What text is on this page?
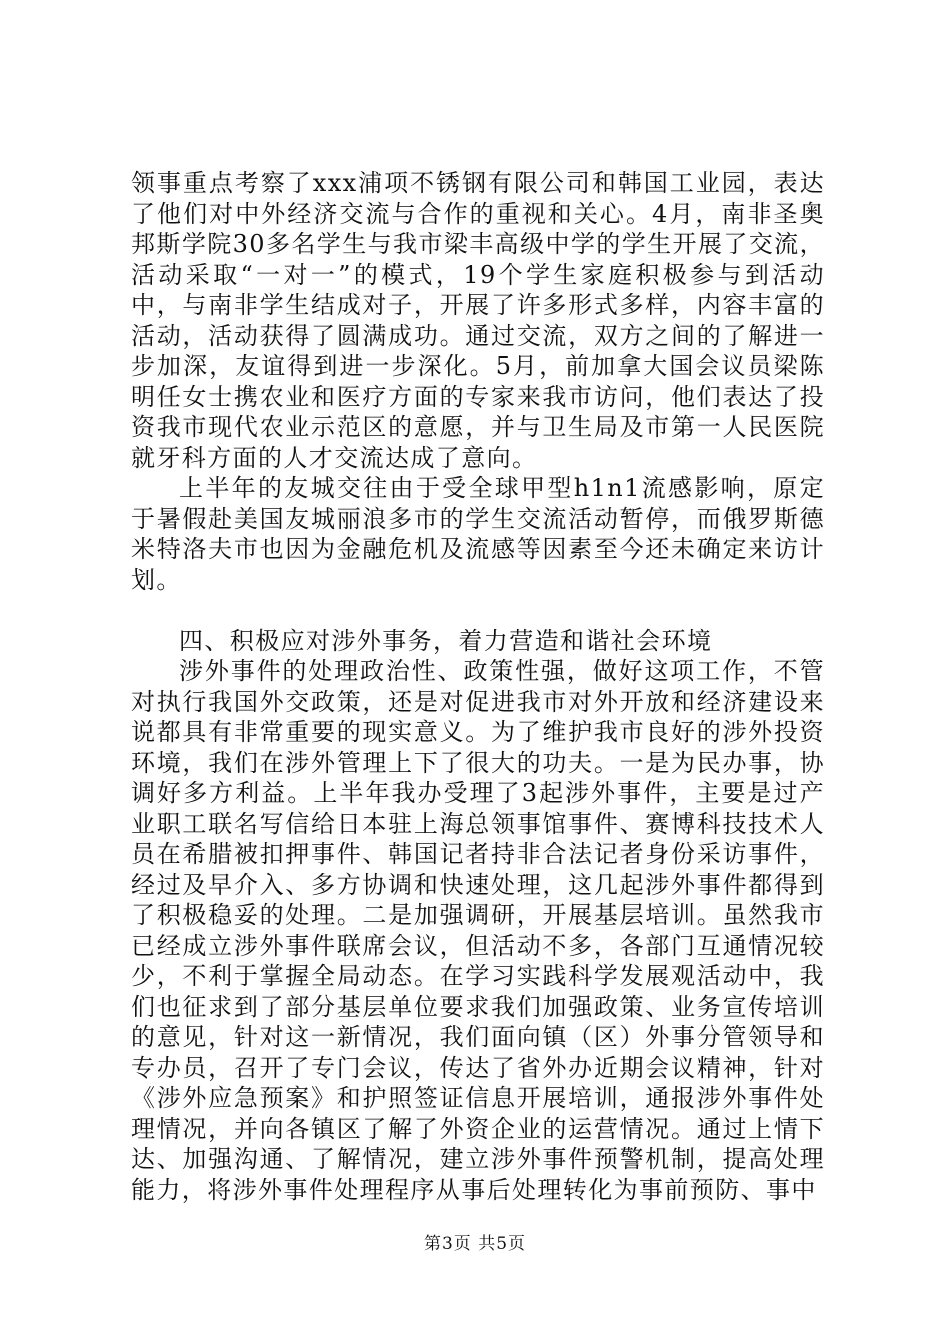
领事重点考察了xxx浦项不锈钢有限公司和韩国工业园，表达了他们对中外经济交流与合作的重视和关心。4月，南非圣奥邦斯学院30多名学生与我市梁丰高级中学的学生开展了交流，活动采取“一对一”的模式，19个学生家庭积极参与到活动中，与南非学生结成对子，开展了许多形式多样，内容丰富的活动，活动获得了圆满成功。通过交流，双方之间的了解进一步加深，友谊得到进一步深化。5月，前加拿大国会议员梁陈明任女士携农业和医疗方面的专家来我市访问，他们表达了投资我市现代农业示范区的意愿，并与卫生局及市第一人民医院就牙科方面的人才交流达成了意向。

上半年的友城交往由于受全球甲型h1n1流感影响，原定于暑假赴美国友城丽浪多市的学生交流活动暂停，而俄罗斯德米特洛夫市也因为金融危机及流感等因素至今还未确定来访计划。

四、积极应对涉外事务，着力营造和谐社会环境

涉外事件的处理政治性、政策性强，做好这项工作，不管对执行我国外交政策，还是对促进我市对外开放和经济建设来说都具有非常重要的现实意义。为了维护我市良好的涉外投资环境，我们在涉外管理上下了很大的功夫。一是为民办事，协调好多方利益。上半年我办受理了3起涉外事件，主要是过产业职工联名写信给日本驻上海总领事馆事件、赛博科技技术人员在希腊被扣押事件、韩国记者持非合法记者身份采访事件，经过及早介入、多方协调和快速处理，这几起涉外事件都得到了积极稳妥的处理。二是加强调研，开展基层培训。虽然我市已经成立涉外事件联席会议，但活动不多，各部门互通情况较少，不利于掌握全局动态。在学习实践科学发展观活动中，我们也征求到了部分基层单位要求我们加强政策、业务宣传培训的意见，针对这一新情况，我们面向镇（区）外事分管领导和专办员，召开了专门会议，传达了省外办近期会议精神，针对《涉外应急预案》和护照签证信息开展培训，通报涉外事件处理情况，并向各镇区了解了外资企业的运营情况。通过上情下达、加强沟通、了解情况，建立涉外事件预警机制，提高处理能力，将涉外事件处理程序从事后处理转化为事前预防、事中

第3页 共5页
